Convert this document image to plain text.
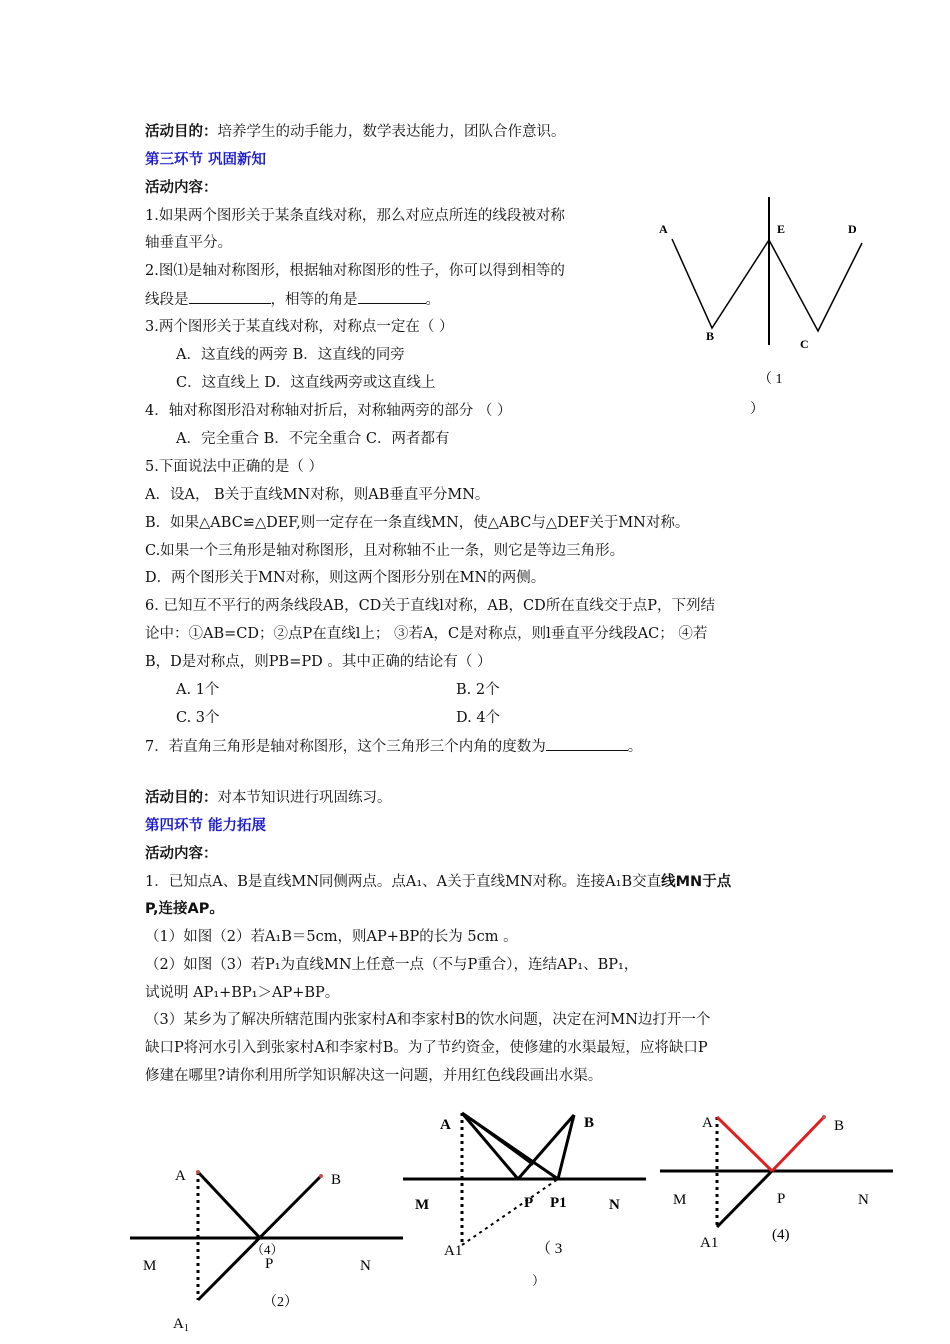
活动目的：培养学生的动手能力，数学表达能力，团队合作意识。
第三环节 巩固新知
活动内容：
1.如果两个图形关于某条直线对称，那么对应点所连的线段被对称
轴垂直平分。
2.图⑴是轴对称图形，根据轴对称图形的性子，你可以得到相等的
线段是	，相等的角是	。
3.两个图形关于某直线对称，对称点一定在（ ）
A．这直线的两旁 B．这直线的同旁
C．这直线上 D．这直线两旁或这直线上
4．轴对称图形沿对称轴对折后，对称轴两旁的部分 （ ）
A．完全重合 B．不完全重合 C．两者都有
5.下面说法中正确的是（ ）
A．设A， B关于直线MN对称，则AB垂直平分MN。
B．如果△ABC≌△DEF,则一定存在一条直线MN，使△ABC与△DEF关于MN对称。
C.如果一个三角形是轴对称图形，且对称轴不止一条，则它是等边三角形。
D．两个图形关于MN对称，则这两个图形分别在MN的两侧。
6. 已知互不平行的两条线段AB，CD关于直线l对称，AB，CD所在直线交于点P，下列结
论中：①AB=CD；②点P在直线l上； ③若A，C是对称点，则l垂直平分线段AC； ④若
B，D是对称点，则PB=PD 。其中正确的结论有（ ）
A. 1个	B. 2个
C. 3个	D. 4个
7．若直角三角形是轴对称图形，这个三角形三个内角的度数为	。
A
B
C
D
E
（ 1
）
活动目的：对本节知识进行巩固练习。
第四环节 能力拓展
活动内容：
1．已知点A、B是直线MN同侧两点。点A₁、A关于直线MN对称。连接A₁B交直线MN于点
P,连接AP。
（1）如图（2）若A₁B＝5cm，则AP+BP的长为 5cm 。
（2）如图（3）若P₁为直线MN上任意一点（不与P重合），连结AP₁、BP₁，
试说明 AP₁+BP₁＞AP+BP。
（3）某乡为了解决所辖范围内张家村A和李家村B的饮水问题，决定在河MN边打开一个
缺口P将河水引入到张家村A和李家村B。为了节约资金，使修建的水渠最短，应将缺口P
修建在哪里?请你利用所学知识解决这一问题，并用红色线段画出水渠。
A	B
M	P	N
（4）
（2）
$A_1$
A	B
M	P P1	N
A1	（ 3
）
A	B
M	P	N
A1	(4)
